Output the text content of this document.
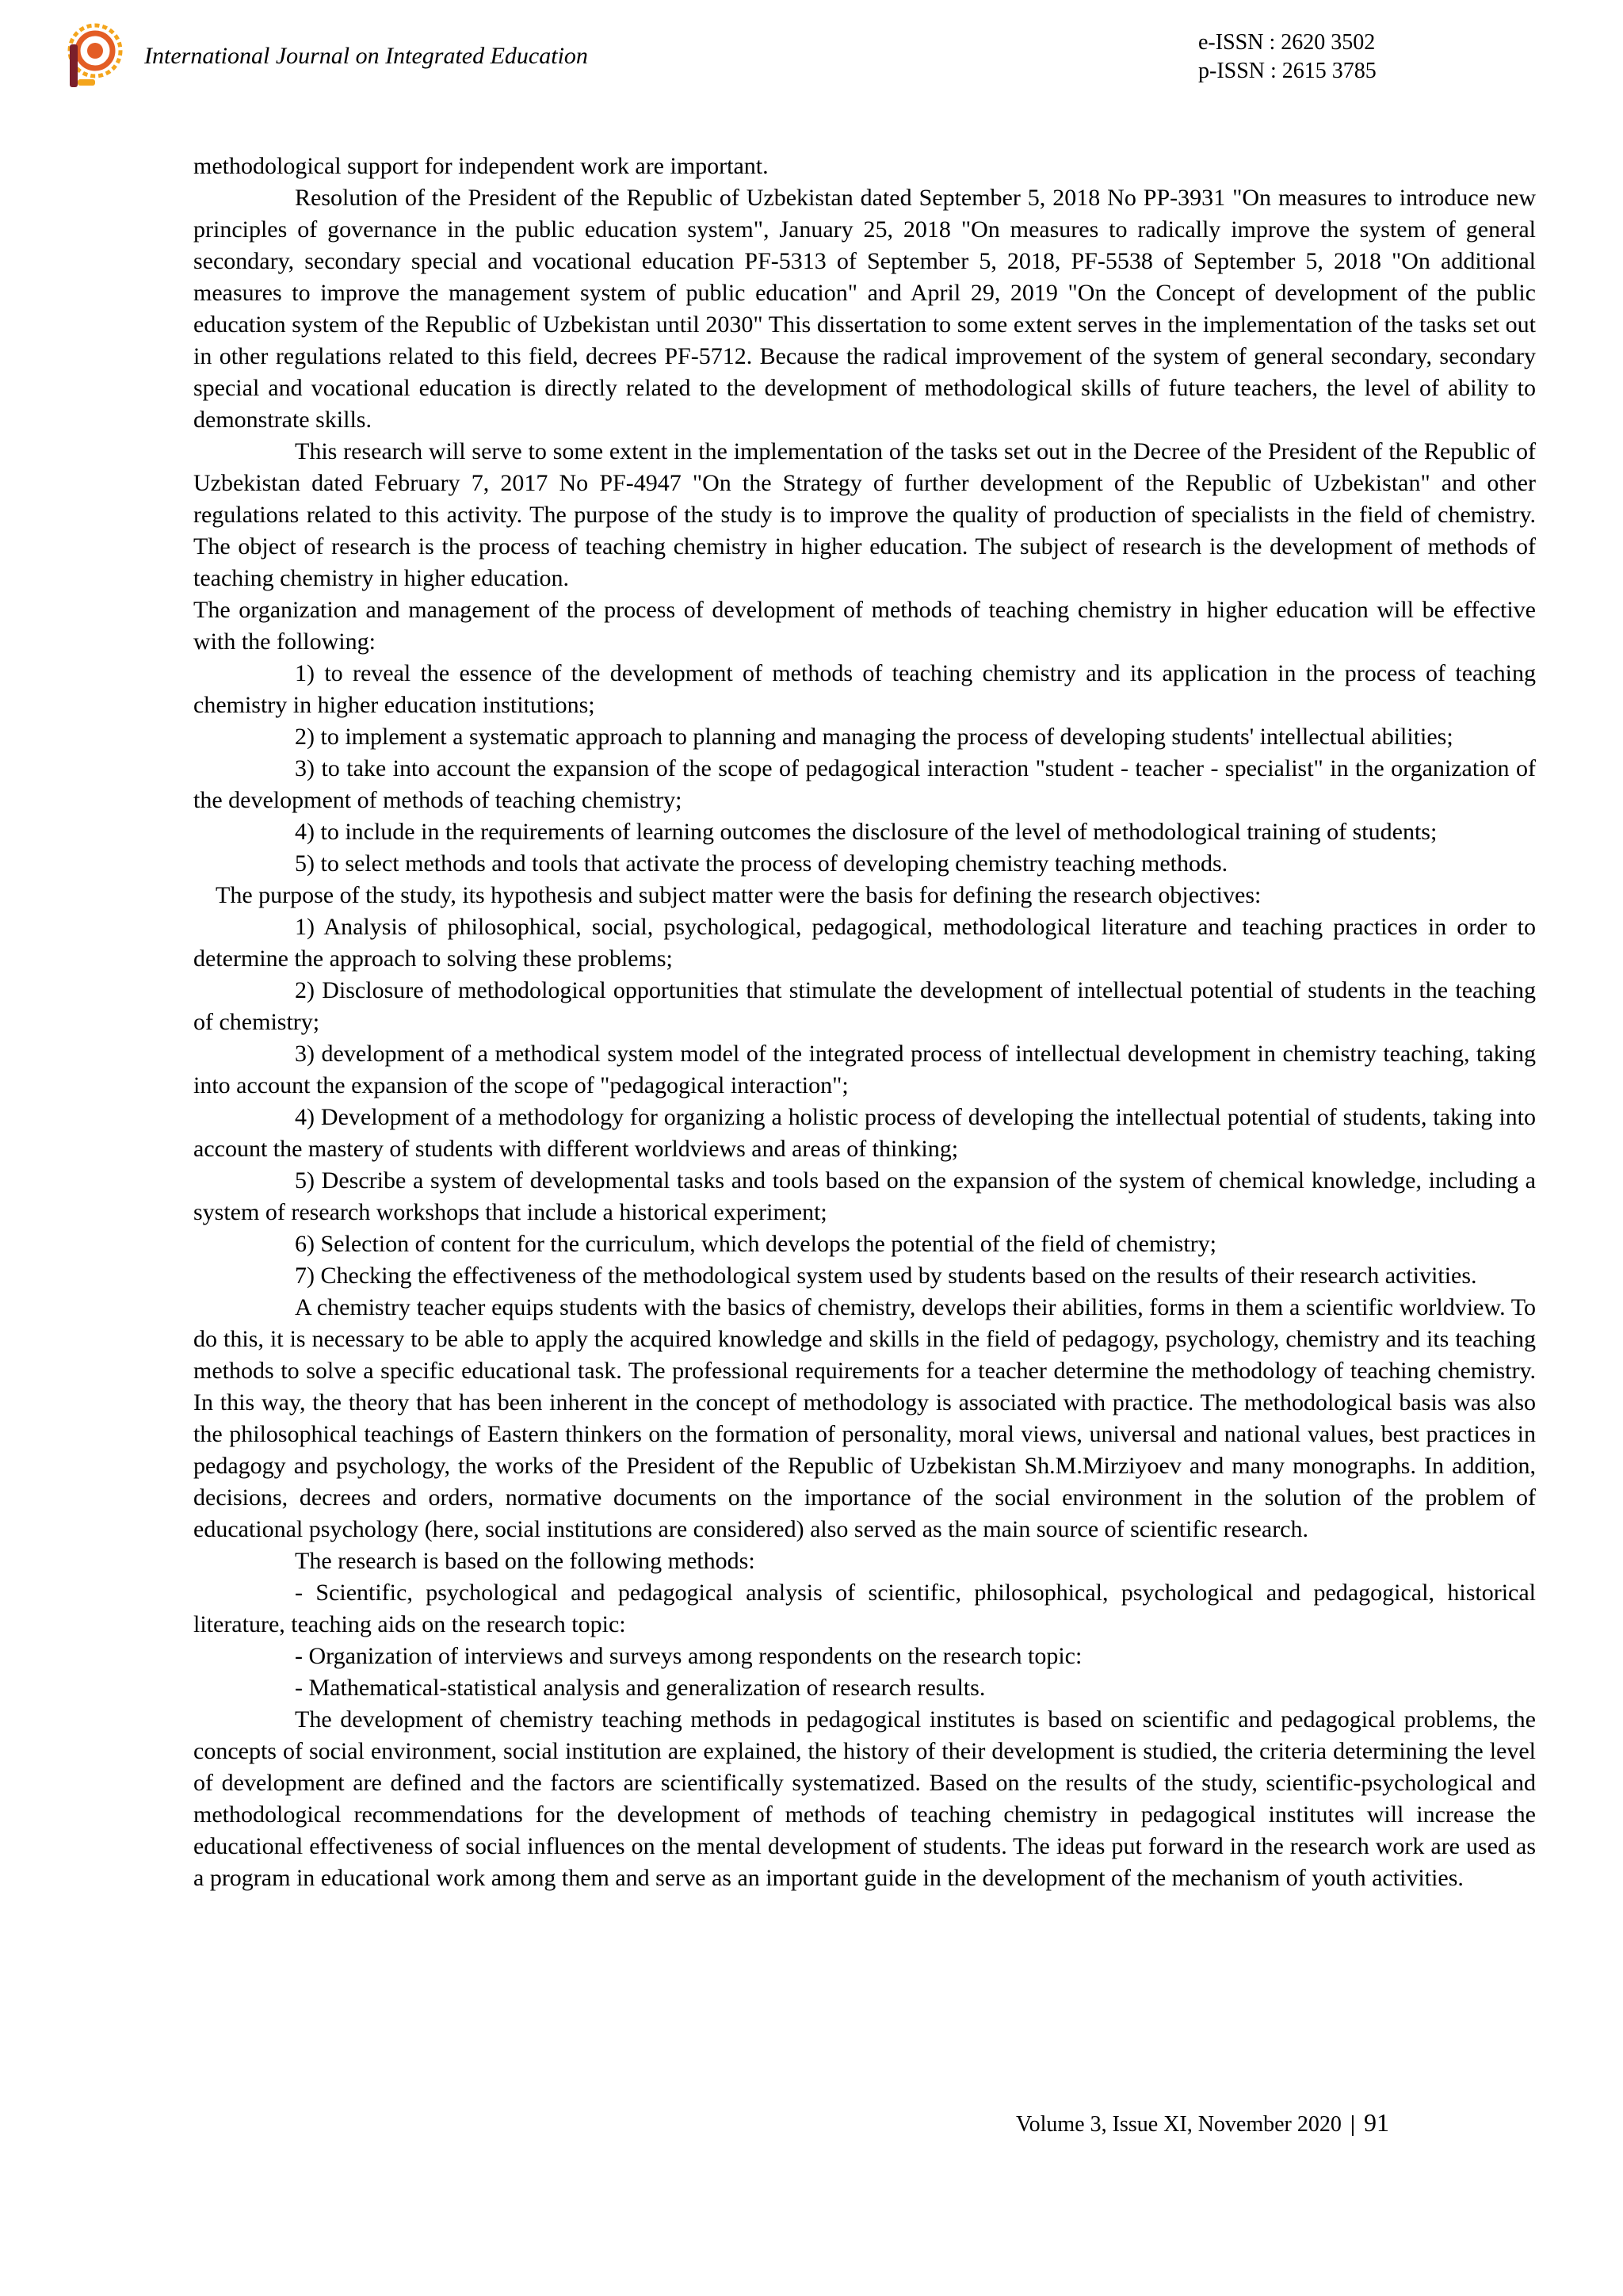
International Journal on Integrated Education
e-ISSN : 2620 3502
p-ISSN : 2615 3785

methodological support for independent work are important.

Resolution of the President of the Republic of Uzbekistan dated September 5, 2018 No PP-3931 "On measures to introduce new principles of governance in the public education system", January 25, 2018 "On measures to radically improve the system of general secondary, secondary special and vocational education PF-5313 of September 5, 2018, PF-5538 of September 5, 2018 "On additional measures to improve the management system of public education" and April 29, 2019 "On the Concept of development of the public education system of the Republic of Uzbekistan until 2030" This dissertation to some extent serves in the implementation of the tasks set out in other regulations related to this field, decrees PF-5712. Because the radical improvement of the system of general secondary, secondary special and vocational education is directly related to the development of methodological skills of future teachers, the level of ability to demonstrate skills.

This research will serve to some extent in the implementation of the tasks set out in the Decree of the President of the Republic of Uzbekistan dated February 7, 2017 No PF-4947 "On the Strategy of further development of the Republic of Uzbekistan" and other regulations related to this activity. The purpose of the study is to improve the quality of production of specialists in the field of chemistry. The object of research is the process of teaching chemistry in higher education. The subject of research is the development of methods of teaching chemistry in higher education.

The organization and management of the process of development of methods of teaching chemistry in higher education will be effective with the following:

1) to reveal the essence of the development of methods of teaching chemistry and its application in the process of teaching chemistry in higher education institutions;

2) to implement a systematic approach to planning and managing the process of developing students' intellectual abilities;

3) to take into account the expansion of the scope of pedagogical interaction "student - teacher - specialist" in the organization of the development of methods of teaching chemistry;

4) to include in the requirements of learning outcomes the disclosure of the level of methodological training of students;

5) to select methods and tools that activate the process of developing chemistry teaching methods.

The purpose of the study, its hypothesis and subject matter were the basis for defining the research objectives:

1) Analysis of philosophical, social, psychological, pedagogical, methodological literature and teaching practices in order to determine the approach to solving these problems;

2) Disclosure of methodological opportunities that stimulate the development of intellectual potential of students in the teaching of chemistry;

3) development of a methodical system model of the integrated process of intellectual development in chemistry teaching, taking into account the expansion of the scope of "pedagogical interaction";

4) Development of a methodology for organizing a holistic process of developing the intellectual potential of students, taking into account the mastery of students with different worldviews and areas of thinking;

5) Describe a system of developmental tasks and tools based on the expansion of the system of chemical knowledge, including a system of research workshops that include a historical experiment;

6) Selection of content for the curriculum, which develops the potential of the field of chemistry;

7) Checking the effectiveness of the methodological system used by students based on the results of their research activities.

A chemistry teacher equips students with the basics of chemistry, develops their abilities, forms in them a scientific worldview. To do this, it is necessary to be able to apply the acquired knowledge and skills in the field of pedagogy, psychology, chemistry and its teaching methods to solve a specific educational task. The professional requirements for a teacher determine the methodology of teaching chemistry. In this way, the theory that has been inherent in the concept of methodology is associated with practice. The methodological basis was also the philosophical teachings of Eastern thinkers on the formation of personality, moral views, universal and national values, best practices in pedagogy and psychology, the works of the President of the Republic of Uzbekistan Sh.M.Mirziyoev and many monographs. In addition, decisions, decrees and orders, normative documents on the importance of the social environment in the solution of the problem of educational psychology (here, social institutions are considered) also served as the main source of scientific research.

The research is based on the following methods:

- Scientific, psychological and pedagogical analysis of scientific, philosophical, psychological and pedagogical, historical literature, teaching aids on the research topic:

- Organization of interviews and surveys among respondents on the research topic:

- Mathematical-statistical analysis and generalization of research results.

The development of chemistry teaching methods in pedagogical institutes is based on scientific and pedagogical problems, the concepts of social environment, social institution are explained, the history of their development is studied, the criteria determining the level of development are defined and the factors are scientifically systematized. Based on the results of the study, scientific-psychological and methodological recommendations for the development of methods of teaching chemistry in pedagogical institutes will increase the educational effectiveness of social influences on the mental development of students. The ideas put forward in the research work are used as a program in educational work among them and serve as an important guide in the development of the mechanism of youth activities.

Volume 3, Issue XI, November 2020 | 91
